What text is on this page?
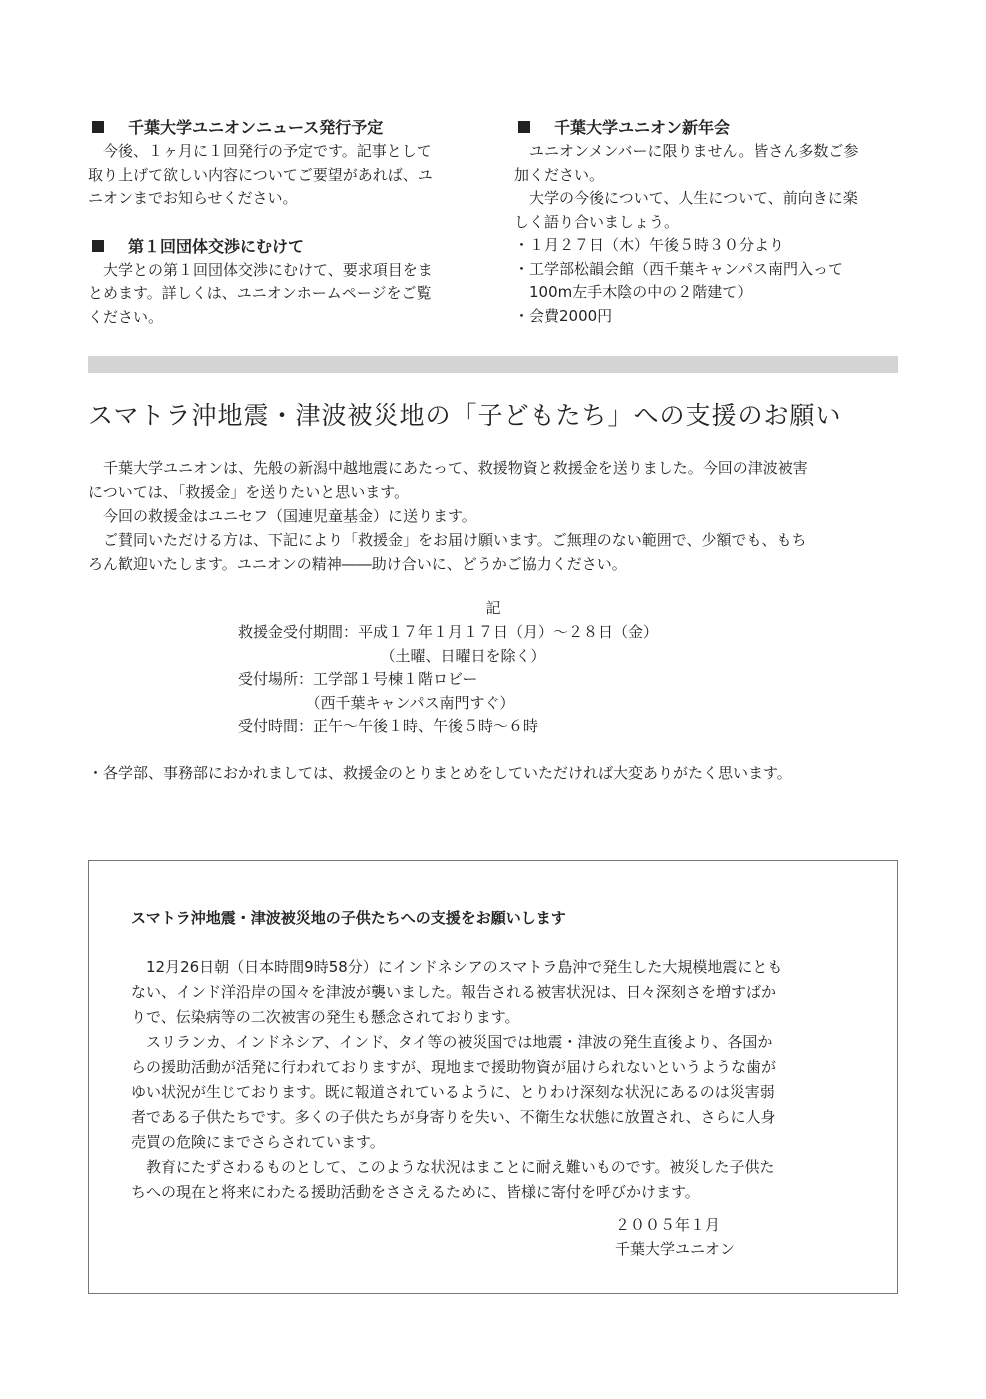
千葉大学ユニオンニュース発行予定

今後、１ヶ月に１回発行の予定です。記事として
取り上げて欲しい内容についてご要望があれば、ユ
ニオンまでお知らせください。

第１回団体交渉にむけて

大学との第１回団体交渉にむけて、要求項目をま
とめます。詳しくは、ユニオンホームページをご覧
ください。

千葉大学ユニオン新年会

ユニオンメンバーに限りません。皆さん多数ご参
加ください。

大学の今後について、人生について、前向きに楽
しく語り合いましょう。

・１月２７日（木）午後５時３０分より
・工学部松韻会館（西千葉キャンパス南門入って
　100m左手木陰の中の２階建て）
・会費2000円
スマトラ沖地震・津波被災地の「子どもたち」への支援のお願い

千葉大学ユニオンは、先般の新潟中越地震にあたって、救援物資と救援金を送りました。今回の津波被害
については、「救援金」を送りたいと思います。

今回の救援金はユニセフ（国連児童基金）に送ります。

ご賛同いただける方は、下記により「救援金」をお届け願います。ご無理のない範囲で、少額でも、もち
ろん歓迎いたします。ユニオンの精神――助け合いに、どうかご協力ください。

記
救援金受付期間：平成１７年１月１７日（月）～２８日（金）
　　　　　　　　　　（土曜、日曜日を除く）
受付場所：工学部１号棟１階ロビー
　　　　　（西千葉キャンパス南門すぐ）
受付時間：正午～午後１時、午後５時～６時
・各学部、事務部におかれましては、救援金のとりまとめをしていただければ大変ありがたく思います。
スマトラ沖地震・津波被災地の子供たちへの支援をお願いします

12月26日朝（日本時間9時58分）にインドネシアのスマトラ島沖で発生した大規模地震にとも
ない、インド洋沿岸の国々を津波が襲いました。報告される被害状況は、日々深刻さを増すばか
りで、伝染病等の二次被害の発生も懸念されております。

スリランカ、インドネシア、インド、タイ等の被災国では地震・津波の発生直後より、各国か
らの援助活動が活発に行われておりますが、現地まで援助物資が届けられないというような歯が
ゆい状況が生じております。既に報道されているように、とりわけ深刻な状況にあるのは災害弱
者である子供たちです。多くの子供たちが身寄りを失い、不衛生な状態に放置され、さらに人身
売買の危険にまでさらされています。

教育にたずさわるものとして、このような状況はまことに耐え難いものです。被災した子供た
ちへの現在と将来にわたる援助活動をささえるために、皆様に寄付を呼びかけます。

２００５年１月
千葉大学ユニオン
